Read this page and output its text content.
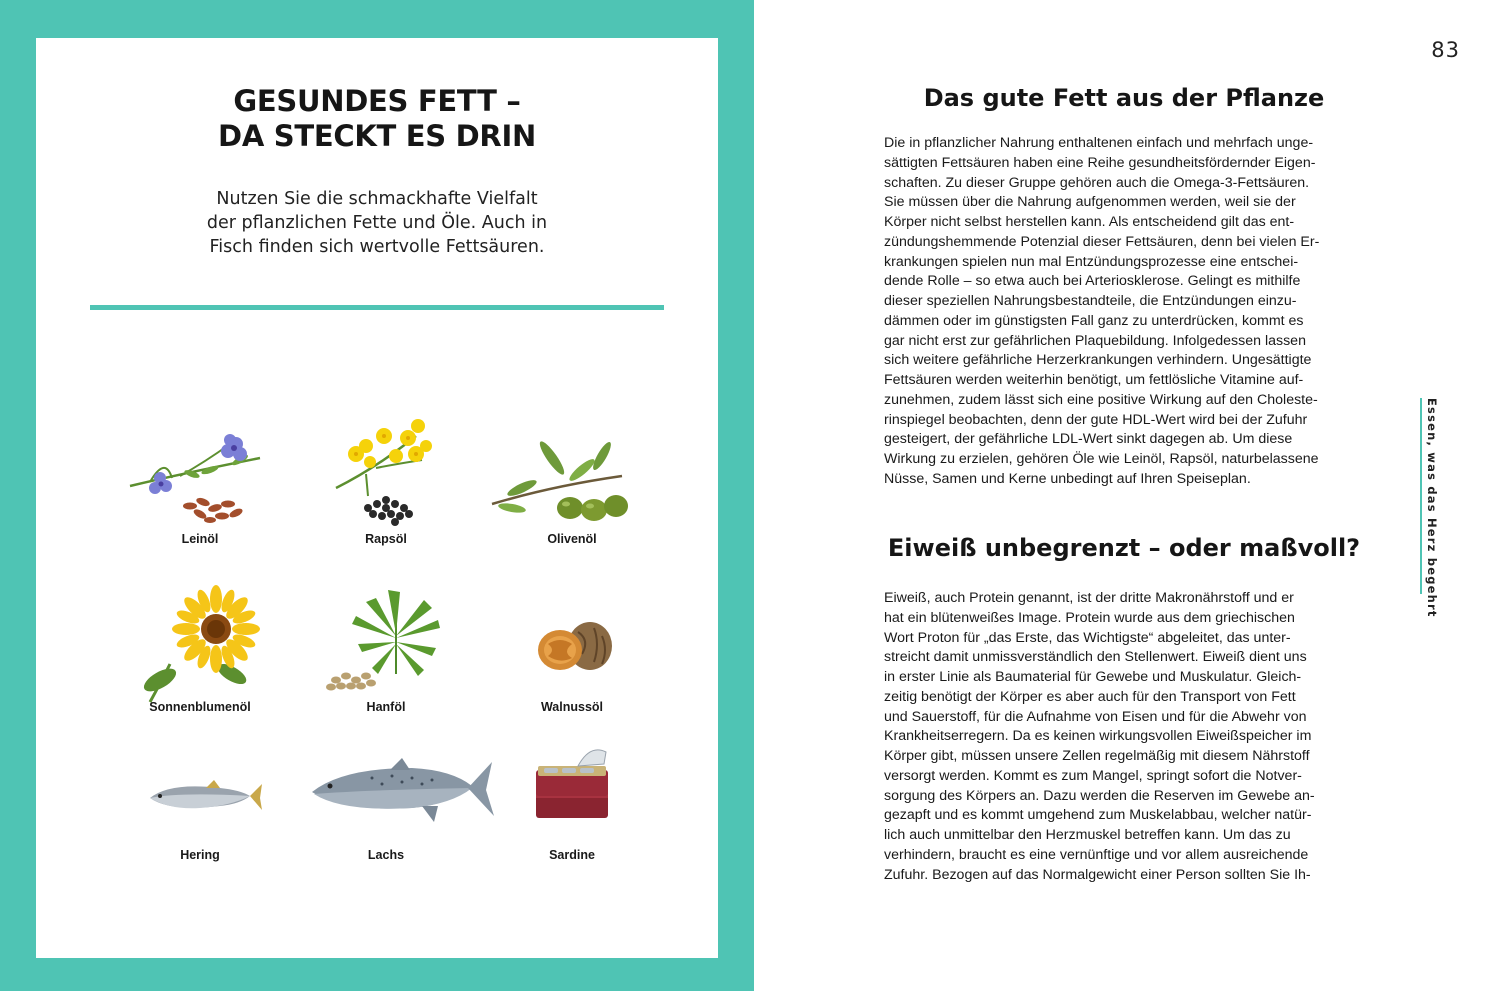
GESUNDES FETT –
DA STECKT ES DRIN
Nutzen Sie die schmackhafte Vielfalt
der pflanzlichen Fette und Öle. Auch in
Fisch finden sich wertvolle Fettsäuren.
Leinöl	Rapsöl	Olivenöl
Sonnenblumenöl	Hanföl	Walnussöl
Hering	Lachs	Sardine
83
Das gute Fett aus der Pflanze
Die in pflanzlicher Nahrung enthaltenen einfach und mehrfach unge-
sättigten Fettsäuren haben eine Reihe gesundheitsfördernder Eigen-
schaften. Zu dieser Gruppe gehören auch die Omega-3-Fettsäuren.
Sie müssen über die Nahrung aufgenommen werden, weil sie der
Körper nicht selbst herstellen kann. Als entscheidend gilt das ent-
zündungshemmende Potenzial dieser Fettsäuren, denn bei vielen Er-
krankungen spielen nun mal Entzündungsprozesse eine entschei-
dende Rolle – so etwa auch bei Arteriosklerose. Gelingt es mithilfe
dieser speziellen Nahrungsbestandteile, die Entzündungen einzu-
dämmen oder im günstigsten Fall ganz zu unterdrücken, kommt es
gar nicht erst zur gefährlichen Plaquebildung. Infolgedessen lassen
sich weitere gefährliche Herzerkrankungen verhindern. Ungesättigte
Fettsäuren werden weiterhin benötigt, um fettlösliche Vitamine auf-
zunehmen, zudem lässt sich eine positive Wirkung auf den Choleste-
rinspiegel beobachten, denn der gute HDL-Wert wird bei der Zufuhr
gesteigert, der gefährliche LDL-Wert sinkt dagegen ab. Um diese
Wirkung zu erzielen, gehören Öle wie Leinöl, Rapsöl, naturbelassene
Nüsse, Samen und Kerne unbedingt auf Ihren Speiseplan.
Eiweiß unbegrenzt – oder maßvoll?
Eiweiß, auch Protein genannt, ist der dritte Makronährstoff und er
hat ein blütenweißes Image. Protein wurde aus dem griechischen
Wort Proton für „das Erste, das Wichtigste“ abgeleitet, das unter-
streicht damit unmissverständlich den Stellenwert. Eiweiß dient uns
in erster Linie als Baumaterial für Gewebe und Muskulatur. Gleich-
zeitig benötigt der Körper es aber auch für den Transport von Fett
und Sauerstoff, für die Aufnahme von Eisen und für die Abwehr von
Krankheitserregern. Da es keinen wirkungsvollen Eiweißspeicher im
Körper gibt, müssen unsere Zellen regelmäßig mit diesem Nährstoff
versorgt werden. Kommt es zum Mangel, springt sofort die Notver-
sorgung des Körpers an. Dazu werden die Reserven im Gewebe an-
gezapft und es kommt umgehend zum Muskelabbau, welcher natür-
lich auch unmittelbar den Herzmuskel betreffen kann. Um das zu
verhindern, braucht es eine vernünftige und vor allem ausreichende
Zufuhr. Bezogen auf das Normalgewicht einer Person sollten Sie Ih-
Essen, was das Herz begehrt
